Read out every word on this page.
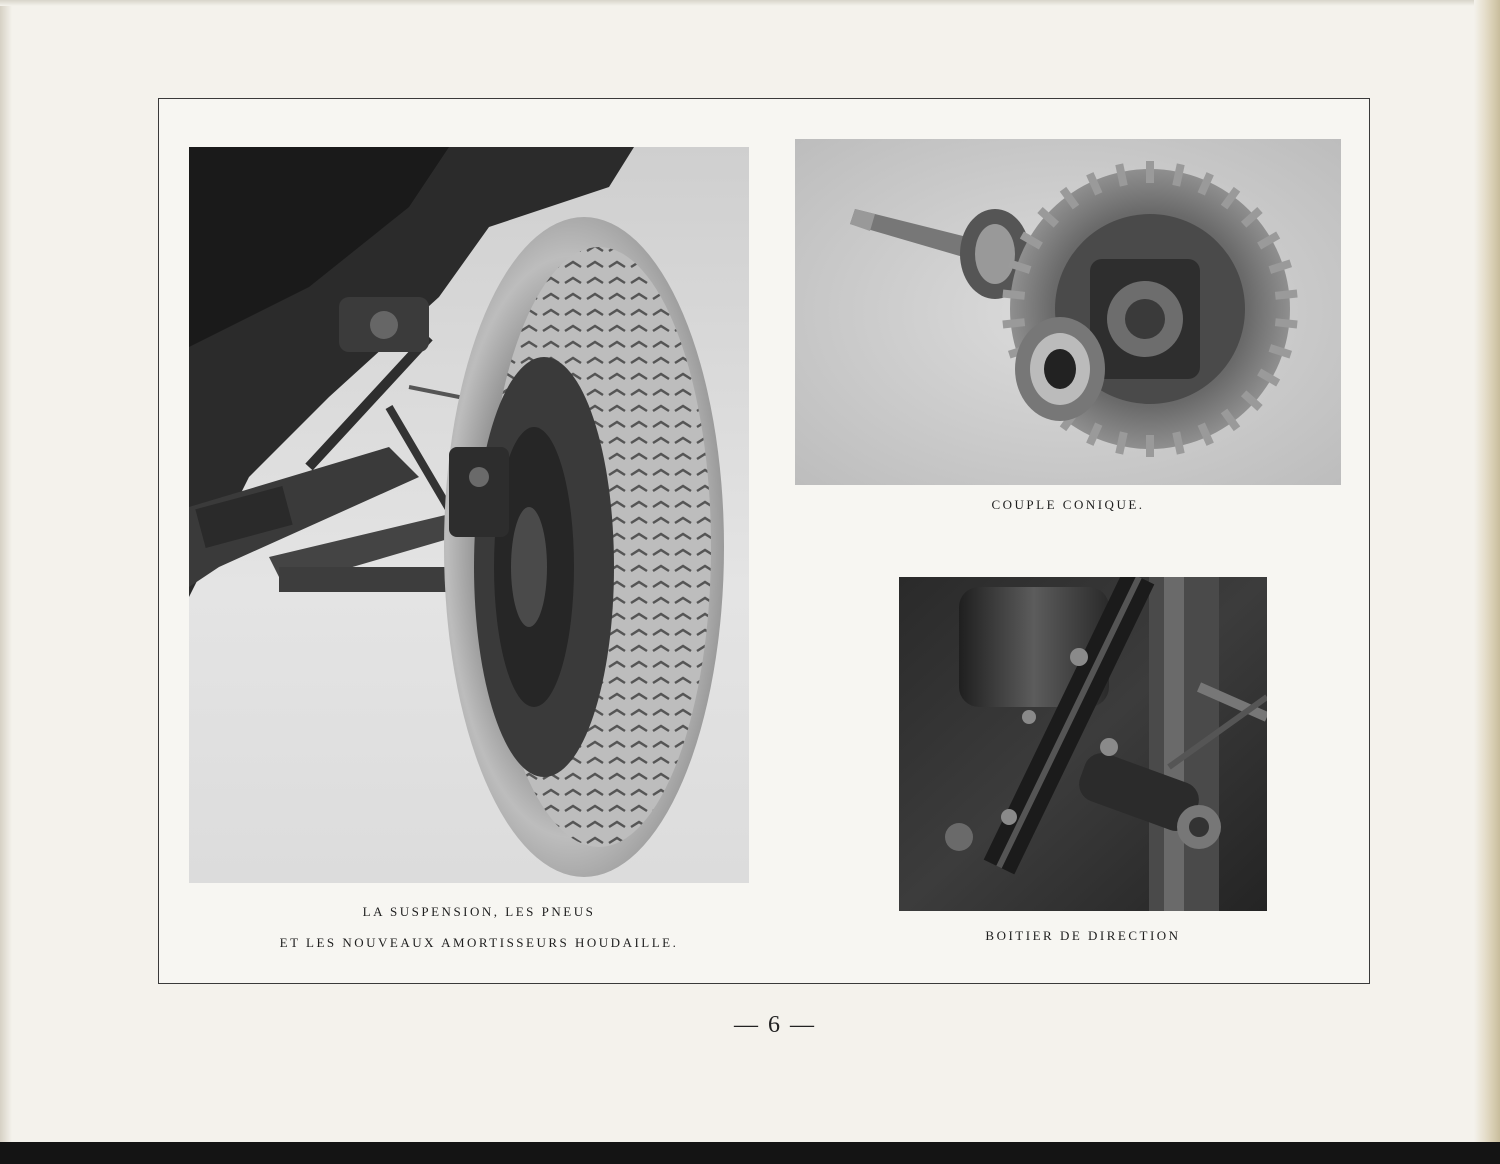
COUPLE CONIQUE.
LA SUSPENSION, LES PNEUS
ET LES NOUVEAUX AMORTISSEURS HOUDAILLE.	BOITIER DE DIRECTION
— 6 —
